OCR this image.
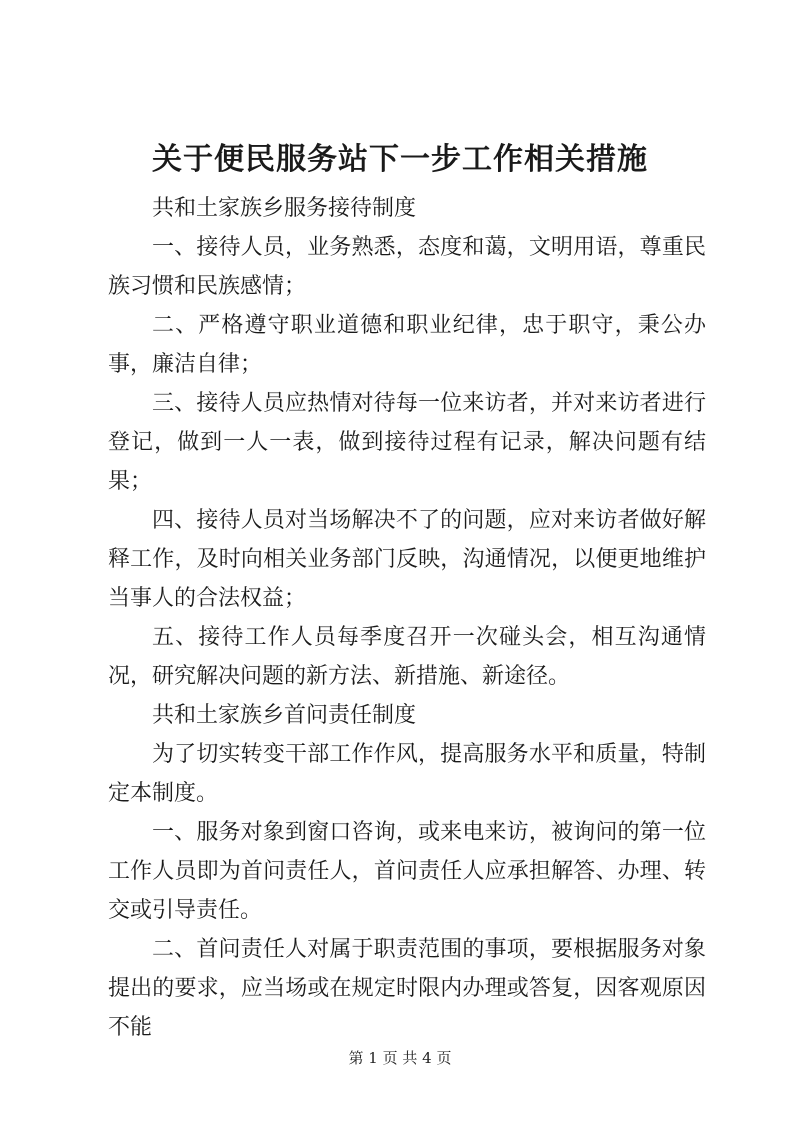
关于便民服务站下一步工作相关措施

共和土家族乡服务接待制度

一、接待人员，业务熟悉，态度和蔼，文明用语，尊重民族习惯和民族感情；

二、严格遵守职业道德和职业纪律，忠于职守，秉公办事，廉洁自律；

三、接待人员应热情对待每一位来访者，并对来访者进行登记，做到一人一表，做到接待过程有记录，解决问题有结果；

四、接待人员对当场解决不了的问题，应对来访者做好解释工作，及时向相关业务部门反映，沟通情况，以便更地维护当事人的合法权益；

五、接待工作人员每季度召开一次碰头会，相互沟通情况，研究解决问题的新方法、新措施、新途径。

共和土家族乡首问责任制度

为了切实转变干部工作作风，提高服务水平和质量，特制定本制度。

一、服务对象到窗口咨询，或来电来访，被询问的第一位工作人员即为首问责任人，首问责任人应承担解答、办理、转交或引导责任。

二、首问责任人对属于职责范围的事项，要根据服务对象提出的要求，应当场或在规定时限内办理或答复，因客观原因不能

第 1 页 共 4 页
